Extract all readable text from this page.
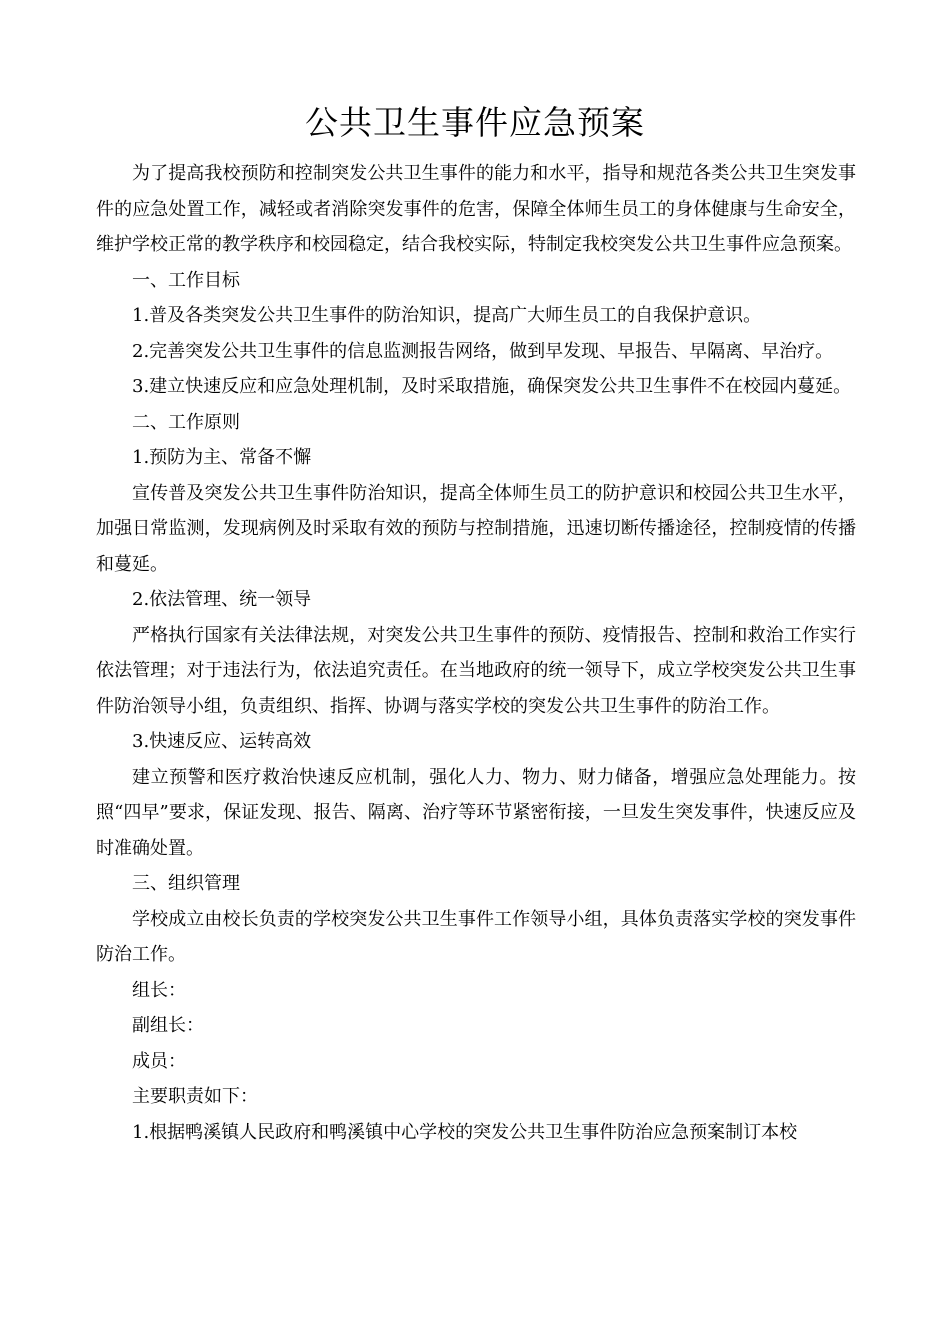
公共卫生事件应急预案

为了提高我校预防和控制突发公共卫生事件的能力和水平，指导和规范各类公共卫生突发事件的应急处置工作，减轻或者消除突发事件的危害，保障全体师生员工的身体健康与生命安全，维护学校正常的教学秩序和校园稳定，结合我校实际，特制定我校突发公共卫生事件应急预案。

一、工作目标

1.普及各类突发公共卫生事件的防治知识，提高广大师生员工的自我保护意识。

2.完善突发公共卫生事件的信息监测报告网络，做到早发现、早报告、早隔离、早治疗。

3.建立快速反应和应急处理机制，及时采取措施，确保突发公共卫生事件不在校园内蔓延。

二、工作原则

1.预防为主、常备不懈

宣传普及突发公共卫生事件防治知识，提高全体师生员工的防护意识和校园公共卫生水平，加强日常监测，发现病例及时采取有效的预防与控制措施，迅速切断传播途径，控制疫情的传播和蔓延。

2.依法管理、统一领导

严格执行国家有关法律法规，对突发公共卫生事件的预防、疫情报告、控制和救治工作实行依法管理；对于违法行为，依法追究责任。在当地政府的统一领导下，成立学校突发公共卫生事件防治领导小组，负责组织、指挥、协调与落实学校的突发公共卫生事件的防治工作。

3.快速反应、运转高效

建立预警和医疗救治快速反应机制，强化人力、物力、财力储备，增强应急处理能力。按照“四早”要求，保证发现、报告、隔离、治疗等环节紧密衔接，一旦发生突发事件，快速反应及时准确处置。

三、组织管理

学校成立由校长负责的学校突发公共卫生事件工作领导小组，具体负责落实学校的突发事件防治工作。

组长：

副组长：

成员：

主要职责如下：

1.根据鸭溪镇人民政府和鸭溪镇中心学校的突发公共卫生事件防治应急预案制订本校
